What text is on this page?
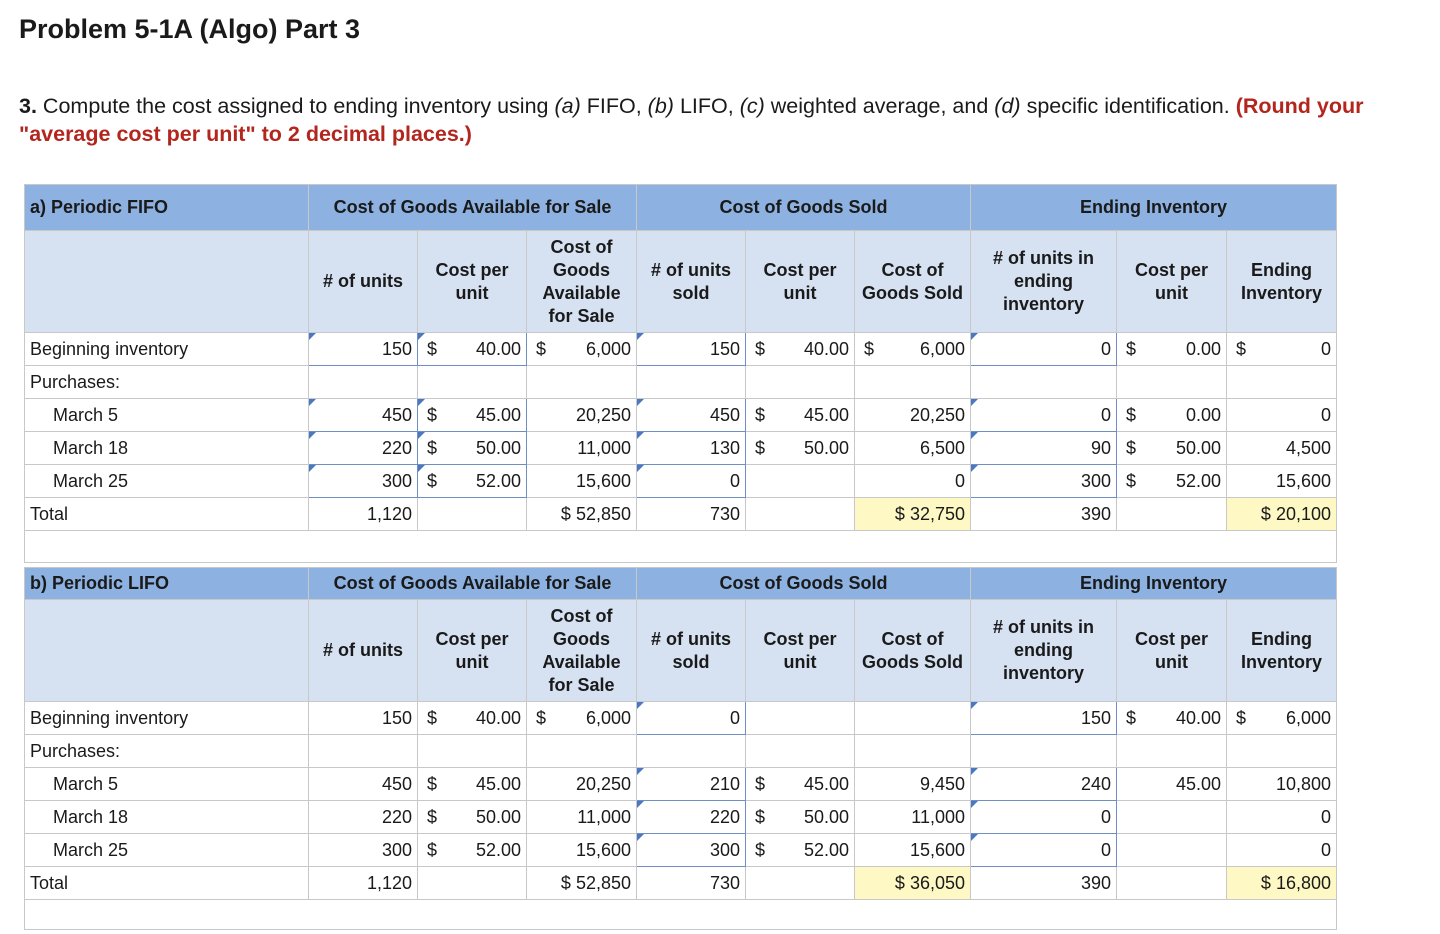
Problem 5-1A (Algo) Part 3

3. Compute the cost assigned to ending inventory using (a) FIFO, (b) LIFO, (c) weighted average, and (d) specific identification. (Round your "average cost per unit" to 2 decimal places.)

a) Periodic FIFO	Cost of Goods Available for Sale			Cost of Goods Sold			Ending Inventory		
	# of units	Cost per unit	Cost of Goods Available for Sale	# of units sold	Cost per unit	Cost of Goods Sold	# of units in ending inventory	Cost per unit	Ending Inventory
Beginning inventory	150	$ 40.00	$ 6,000	150	$ 40.00	$ 6,000	0	$ 0.00	$ 0
Purchases:									
March 5	450	$ 45.00	20,250	450	$ 45.00	20,250	0	$ 0.00	0
March 18	220	$ 50.00	11,000	130	$ 50.00	6,500	90	$ 50.00	4,500
March 25	300	$ 52.00	15,600	0		0	300	$ 52.00	15,600
Total	1,120		$ 52,850	730		$ 32,750	390		$ 20,100

b) Periodic LIFO	Cost of Goods Available for Sale			Cost of Goods Sold			Ending Inventory		
	# of units	Cost per unit	Cost of Goods Available for Sale	# of units sold	Cost per unit	Cost of Goods Sold	# of units in ending inventory	Cost per unit	Ending Inventory
Beginning inventory	150	$ 40.00	$ 6,000	0			150	$ 40.00	$ 6,000
Purchases:									
March 5	450	$ 45.00	20,250	210	$ 45.00	9,450	240	45.00	10,800
March 18	220	$ 50.00	11,000	220	$ 50.00	11,000	0		0
March 25	300	$ 52.00	15,600	300	$ 52.00	15,600	0		0
Total	1,120		$ 52,850	730		$ 36,050	390		$ 16,800
